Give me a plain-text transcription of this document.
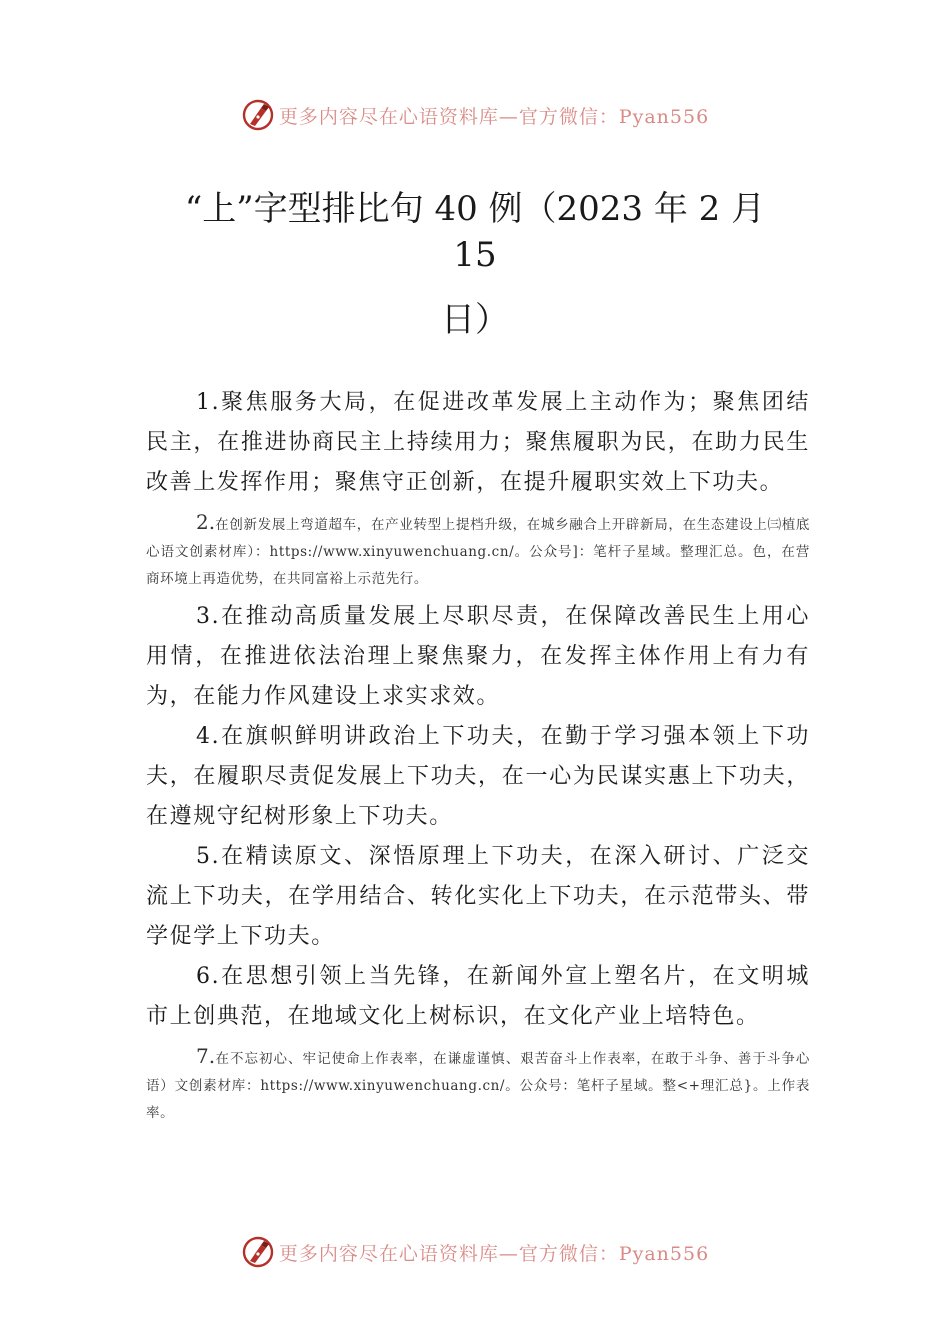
更多内容尽在心语资料库—官方微信：Pyan556
“上”字型排比句 40 例（2023 年 2 月
15
日）

1.聚焦服务大局，在促进改革发展上主动作为；聚焦团结民主，在推进协商民主上持续用力；聚焦履职为民，在助力民生改善上发挥作用；聚焦守正创新，在提升履职实效上下功夫。

2.在创新发展上弯道超车，在产业转型上提档升级，在城乡融合上开辟新局，在生态建设上㈢植底心语文创素材库）：https://www.xinyuwenchuang.cn/。公众号]：笔杆子星域。整理汇总。色，在营商环境上再造优势，在共同富裕上示范先行。

3.在推动高质量发展上尽职尽责，在保障改善民生上用心用情，在推进依法治理上聚焦聚力，在发挥主体作用上有力有为，在能力作风建设上求实求效。

4.在旗帜鲜明讲政治上下功夫，在勤于学习强本领上下功夫，在履职尽责促发展上下功夫，在一心为民谋实惠上下功夫，在遵规守纪树形象上下功夫。

5.在精读原文、深悟原理上下功夫，在深入研讨、广泛交流上下功夫，在学用结合、转化实化上下功夫，在示范带头、带学促学上下功夫。

6.在思想引领上当先锋，在新闻外宣上塑名片，在文明城市上创典范，在地域文化上树标识，在文化产业上培特色。

7.在不忘初心、牢记使命上作表率，在谦虚谨慎、艰苦奋斗上作表率，在敢于斗争、善于斗争心语）文创素材库：https://www.xinyuwenchuang.cn/。公众号：笔杆子星域。整<+理汇总}。上作表率。

更多内容尽在心语资料库—官方微信：Pyan556
